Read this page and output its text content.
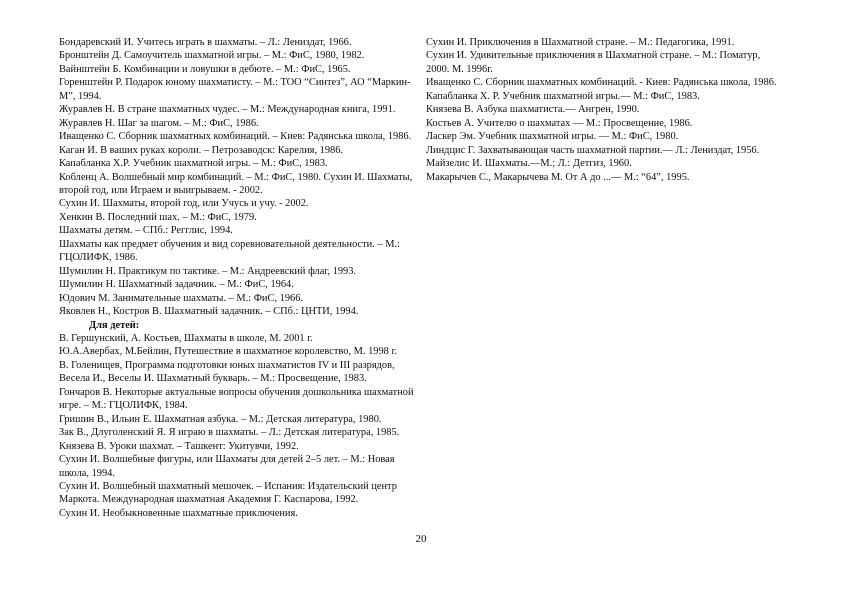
Бондаревский И. Учитесь играть в шахматы. – Л.: Лениздат, 1966.

Бронштейн Д. Самоучитель шахматной игры. – М.: ФиС, 1980, 1982.

Вайнштейн Б. Комбинации и ловушки в дебюте. – М.: ФиС, 1965.

Горенштейн Р. Подарок юному шахматисту. – М.: ТОО “Синтез”, АО “Маркин-М”, 1994.

Журавлев Н. В стране шахматных чудес. – М.: Международная книга, 1991.

Журавлев Н. Шаг за шагом. – М.: ФиС, 1986.

Иващенко С. Сборник шахматных комбинаций. – Киев: Радянська школа, 1986.

Каган И. В ваших руках короли. – Петрозаводск: Карелия, 1986.

Капабланка Х.Р. Учебник шахматной игры. – М.: ФиС, 1983.

Кобленц А. Волшебный мир комбинаций. – М.: ФиС, 1980. Сухин И. Шахматы, второй год, или Играем и выигрываем. - 2002.

Сухин И. Шахматы, второй год, или Учусь и учу. - 2002.

Хенкин В. Последний шах. – М.: ФиС, 1979.

Шахматы детям. – СПб.: Регглис, 1994.

Шахматы как предмет обучения и вид соревновательной деятельности. – М.: ГЦОЛИФК, 1986.

Шумилин Н. Практикум по тактике. – М.: Андреевский флаг, 1993.

Шумилин Н. Шахматный задачник. – М.: ФиС, 1964.

Юдович М. Занимательные шахматы. – М.: ФиС, 1966.

Яковлев Н., Костров В. Шахматный задачник. – СПб.: ЦНТИ, 1994.

Для детей:

В. Гершунский, А. Костьев, Шахматы в школе, М. 2001 г.

Ю.А.Авербах, М.Бейлин, Путешествие в шахматное королевство, М. 1998 г.

В. Голенищев, Программа подготовки юных шахматистов IV и III разрядов,

Весела И., Веселы И. Шахматный букварь. – М.: Просвещение, 1983.

Гончаров В. Некоторые актуальные вопросы обучения дошкольника шахматной игре. – М.: ГЦОЛИФК, 1984.

Гришин В., Ильин Е. Шахматная азбука. – М.: Детская литература, 1980.

Зак В., Длуголенский Я. Я играю в шахматы. – Л.: Детская литература, 1985.

Князева В. Уроки шахмат. – Ташкент: Укитувчи, 1992.

Сухин И. Волшебные фигуры, или Шахматы для детей 2–5 лет. – М.: Новая школа, 1994.

Сухин И. Волшебный шахматный мешочек. – Испания: Издательский центр Маркота. Международная шахматная Академия Г. Каспарова, 1992.

Сухин И. Необыкновенные шахматные приключения.

Сухин И. Приключения в Шахматной стране. – М.: Педагогика, 1991.

Сухин И. Удивительные приключения в Шахматной стране. – М.: Поматур, 2000. М. 1996г.

Иващенко С. Сборник шахматных комбинаций. - Киев: Радянська школа, 1986.

Капабланка Х. Р. Учебник шахматной игры.— М.: ФиС, 1983.

Князева В. Азбука шахматиста.— Ангрен, 1990.

Костьев А. Учителю о шахматах — М.: Просвещение, 1986.

Ласкер Эм. Учебник шахматной игры. — М.: ФиС, 1980.

Линдцис Г. Захватывающая часть шахматной партии.— Л.: Лениздат, 1956.

Майзелис И. Шахматы.—М.; Л.: Детгиз, 1960.

Макарычев С., Макарычева М. От А до ...— М.: “64”, 1995.

20
